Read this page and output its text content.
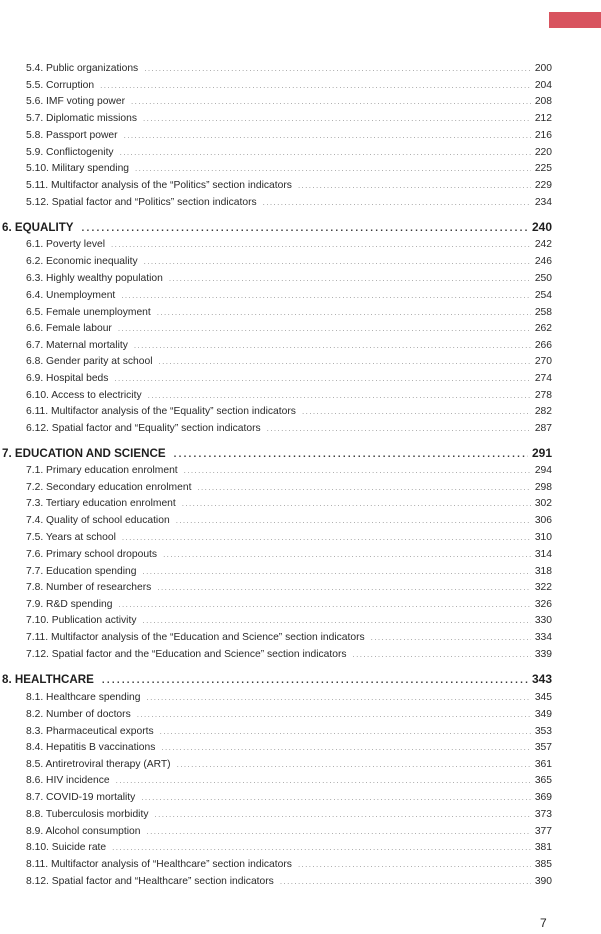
5.4. Public organizations .....	200
5.5. Corruption .....	204
5.6. IMF voting power .....	208
5.7. Diplomatic missions .....	212
5.8. Passport power .....	216
5.9. Conflictogenity .....	220
5.10. Military spending .....	225
5.11. Multifactor analysis of the “Politics” section indicators .....	229
5.12. Spatial factor and “Politics” section indicators .....	234
6. EQUALITY .....	240
6.1. Poverty level .....	242
6.2. Economic inequality .....	246
6.3. Highly wealthy population .....	250
6.4. Unemployment .....	254
6.5. Female unemployment .....	258
6.6. Female labour .....	262
6.7. Maternal mortality .....	266
6.8. Gender parity at school .....	270
6.9. Hospital beds .....	274
6.10. Access to electricity .....	278
6.11. Multifactor analysis of the “Equality” section indicators .....	282
6.12. Spatial factor and “Equality” section indicators .....	287
7. EDUCATION AND SCIENCE .....	291
7.1. Primary education enrolment .....	294
7.2. Secondary education enrolment .....	298
7.3. Tertiary education enrolment .....	302
7.4. Quality of school education .....	306
7.5. Years at school .....	310
7.6. Primary school dropouts .....	314
7.7. Education spending .....	318
7.8. Number of researchers .....	322
7.9. R&D spending .....	326
7.10. Publication activity .....	330
7.11. Multifactor analysis of the “Education and Science” section indicators .....	334
7.12. Spatial factor and the “Education and Science” section indicators .....	339
8. HEALTHCARE .....	343
8.1. Healthcare spending .....	345
8.2. Number of doctors .....	349
8.3. Pharmaceutical exports .....	353
8.4. Hepatitis B vaccinations .....	357
8.5. Antiretroviral therapy (ART) .....	361
8.6. HIV incidence .....	365
8.7. COVID-19 mortality .....	369
8.8. Tuberculosis morbidity .....	373
8.9. Alcohol consumption .....	377
8.10. Suicide rate .....	381
8.11. Multifactor analysis of “Healthcare” section indicators .....	385
8.12. Spatial factor and “Healthcare” section indicators .....	390
7
